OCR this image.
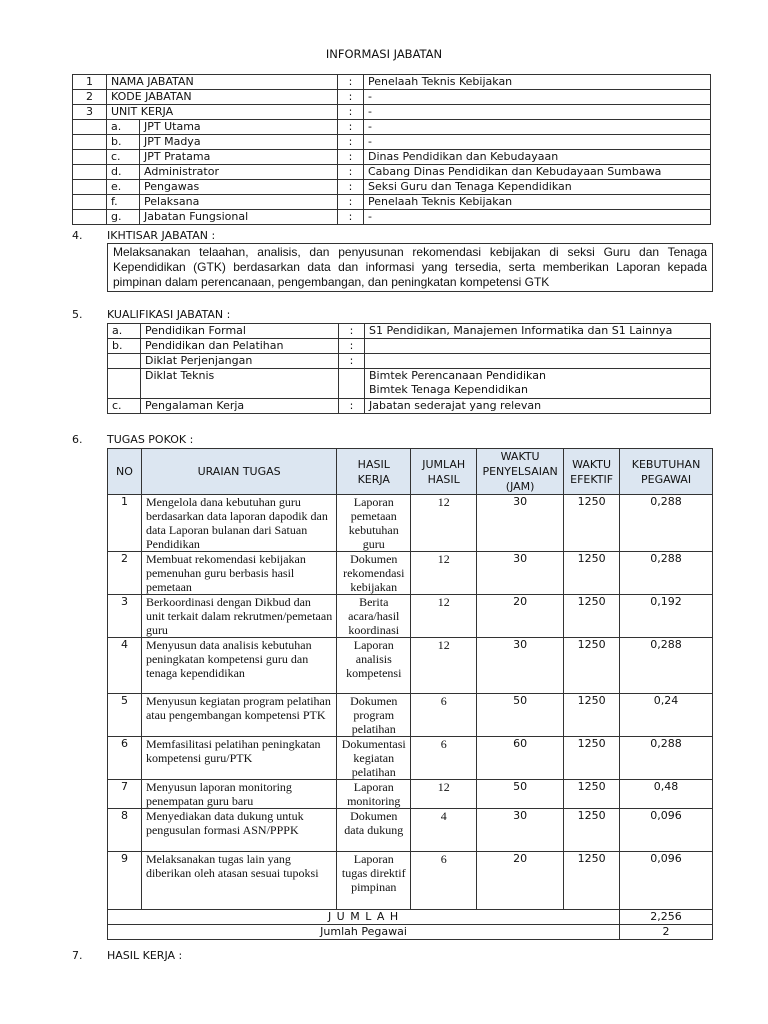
INFORMASI JABATAN
1	NAMA JABATAN		:	Penelaah Teknis Kebijakan
2	KODE JABATAN		:	-
3	UNIT KERJA		:	-
	a.	JPT Utama	:	-
	b.	JPT Madya	:	-
	c.	JPT Pratama	:	Dinas Pendidikan dan Kebudayaan
	d.	Administrator	:	Cabang Dinas Pendidikan dan Kebudayaan Sumbawa
	e.	Pengawas	:	Seksi Guru dan Tenaga Kependidikan
	f.	Pelaksana	:	Penelaah Teknis Kebijakan
	g.	Jabatan Fungsional	:	-
4. IKHTISAR JABATAN :
Melaksanakan telaahan, analisis, dan penyusunan rekomendasi kebijakan di seksi Guru dan Tenaga Kependidikan (GTK) berdasarkan data dan informasi yang tersedia, serta memberikan Laporan kepada pimpinan dalam perencanaan, pengembangan, dan peningkatan kompetensi GTK
5. KUALIFIKASI JABATAN :
a.	Pendidikan Formal	:	S1 Pendidikan, Manajemen Informatika dan S1 Lainnya
b.	Pendidikan dan Pelatihan	:	
	Diklat Perjenjangan	:	
	Diklat Teknis		Bimtek Perencanaan Pendidikan
Bimtek Tenaga Kependidikan

c.	Pengalaman Kerja	:	Jabatan sederajat yang relevan
6. TUGAS POKOK :
NO	URAIAN TUGAS	HASIL KERJA	JUMLAH HASIL	WAKTU PENYELSAIAN (JAM)	WAKTU EFEKTIF	KEBUTUHAN PEGAWAI
1	Mengelola dana kebutuhan guru berdasarkan data laporan dapodik dan data Laporan bulanan dari Satuan Pendidikan	Laporan pemetaan kebutuhan guru	12	30	1250	0,288
2	Membuat rekomendasi kebijakan pemenuhan guru berbasis hasil pemetaan	Dokumen rekomendasi kebijakan	12	30	1250	0,288
3	Berkoordinasi dengan Dikbud dan unit terkait dalam rekrutmen/pemetaan guru	Berita acara/hasil koordinasi	12	20	1250	0,192
4	Menyusun data analisis kebutuhan peningkatan kompetensi guru dan tenaga kependidikan	Laporan analisis kompetensi	12	30	1250	0,288
5	Menyusun kegiatan program pelatihan atau pengembangan kompetensi PTK	Dokumen program pelatihan	6	50	1250	0,24
6	Memfasilitasi pelatihan peningkatan kompetensi guru/PTK	Dokumentasi kegiatan pelatihan	6	60	1250	0,288
7	Menyusun laporan monitoring penempatan guru baru	Laporan monitoring	12	50	1250	0,48
8	Menyediakan data dukung untuk pengusulan formasi ASN/PPPK	Dokumen data dukung	4	30	1250	0,096
9	Melaksanakan tugas lain yang diberikan oleh atasan sesuai tupoksi	Laporan tugas direktif pimpinan	6	20	1250	0,096
J U M L A H						2,256
Jumlah Pegawai						2
7. HASIL KERJA :
